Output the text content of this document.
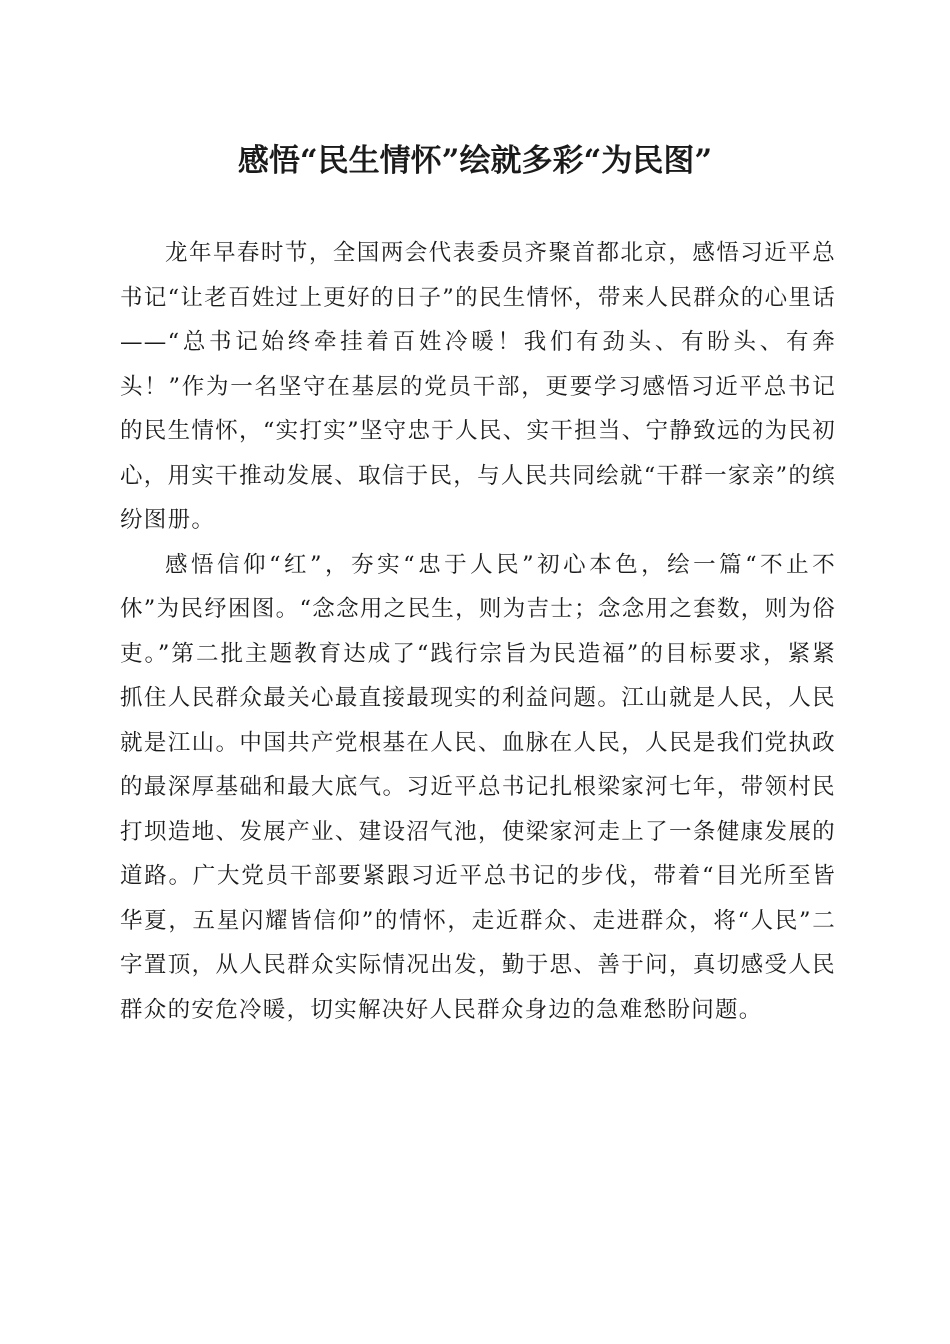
感悟“民生情怀”绘就多彩“为民图”

龙年早春时节，全国两会代表委员齐聚首都北京，感悟习近平总书记“让老百姓过上更好的日子”的民生情怀，带来人民群众的心里话——“总书记始终牵挂着百姓冷暖！我们有劲头、有盼头、有奔头！”作为一名坚守在基层的党员干部，更要学习感悟习近平总书记的民生情怀，“实打实”坚守忠于人民、实干担当、宁静致远的为民初心，用实干推动发展、取信于民，与人民共同绘就“干群一家亲”的缤纷图册。

感悟信仰“红”，夯实“忠于人民”初心本色，绘一篇“不止不休”为民纾困图。“念念用之民生，则为吉士；念念用之套数，则为俗吏。”第二批主题教育达成了“践行宗旨为民造福”的目标要求，紧紧抓住人民群众最关心最直接最现实的利益问题。江山就是人民，人民就是江山。中国共产党根基在人民、血脉在人民，人民是我们党执政的最深厚基础和最大底气。习近平总书记扎根梁家河七年，带领村民打坝造地、发展产业、建设沼气池，使梁家河走上了一条健康发展的道路。广大党员干部要紧跟习近平总书记的步伐，带着“目光所至皆华夏，五星闪耀皆信仰”的情怀，走近群众、走进群众，将“人民”二字置顶，从人民群众实际情况出发，勤于思、善于问，真切感受人民群众的安危冷暖，切实解决好人民群众身边的急难愁盼问题。
